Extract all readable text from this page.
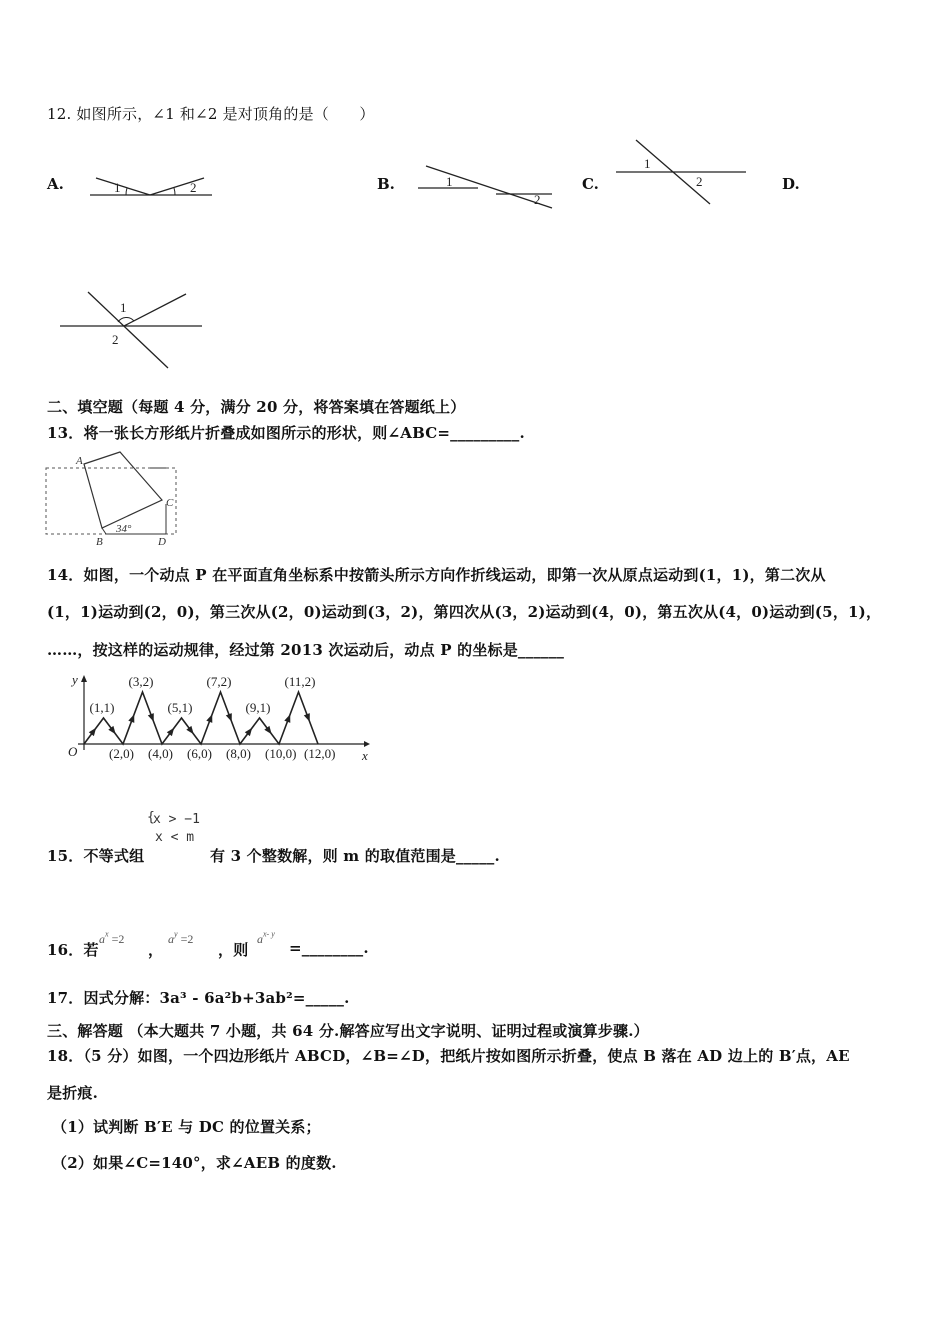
12. 如图所示，∠1 和∠2 是对顶角的是（　　）
A.	1	2	B.	1
2
C.
1
2	D.
1
2
二、填空题（每题 4 分，满分 20 分，将答案填在答题纸上）
13．将一张长方形纸片折叠成如图所示的形状，则∠ABC=_________.
A
B
C
D
34°
14．如图，一个动点 P 在平面直角坐标系中按箭头所示方向作折线运动，即第一次从原点运动到(1，1)，第二次从
(1，1)运动到(2，0)，第三次从(2，0)运动到(3，2)，第四次从(3，2)运动到(4，0)，第五次从(4，0)运动到(5，1)，
……，按这样的运动规律，经过第 2013 次运动后，动点 P 的坐标是______
y
x
O
(1,1)
(3,2)
(5,1)
(7,2)
(9,1)
(11,2)
(2,0) (4,0) (6,0) (8,0) (10,0) (12,0)
{
x > −1
x < m
15．不等式组	有 3 个整数解，则 m 的取值范围是_____.
16．若
$a^x =2$
，
$a^y =2$
，则
$a^{x- y}$
=________.
17．因式分解：3a³ - 6a²b+3ab²=_____.
三、解答题 （本大题共 7 小题，共 64 分.解答应写出文字说明、证明过程或演算步骤.）
18．（5 分）如图，一个四边形纸片 ABCD，∠B=∠D，把纸片按如图所示折叠，使点 B 落在 AD 边上的 B′点，AE
是折痕.
（1）试判断 B′E 与 DC 的位置关系；
（2）如果∠C=140°，求∠AEB 的度数.
